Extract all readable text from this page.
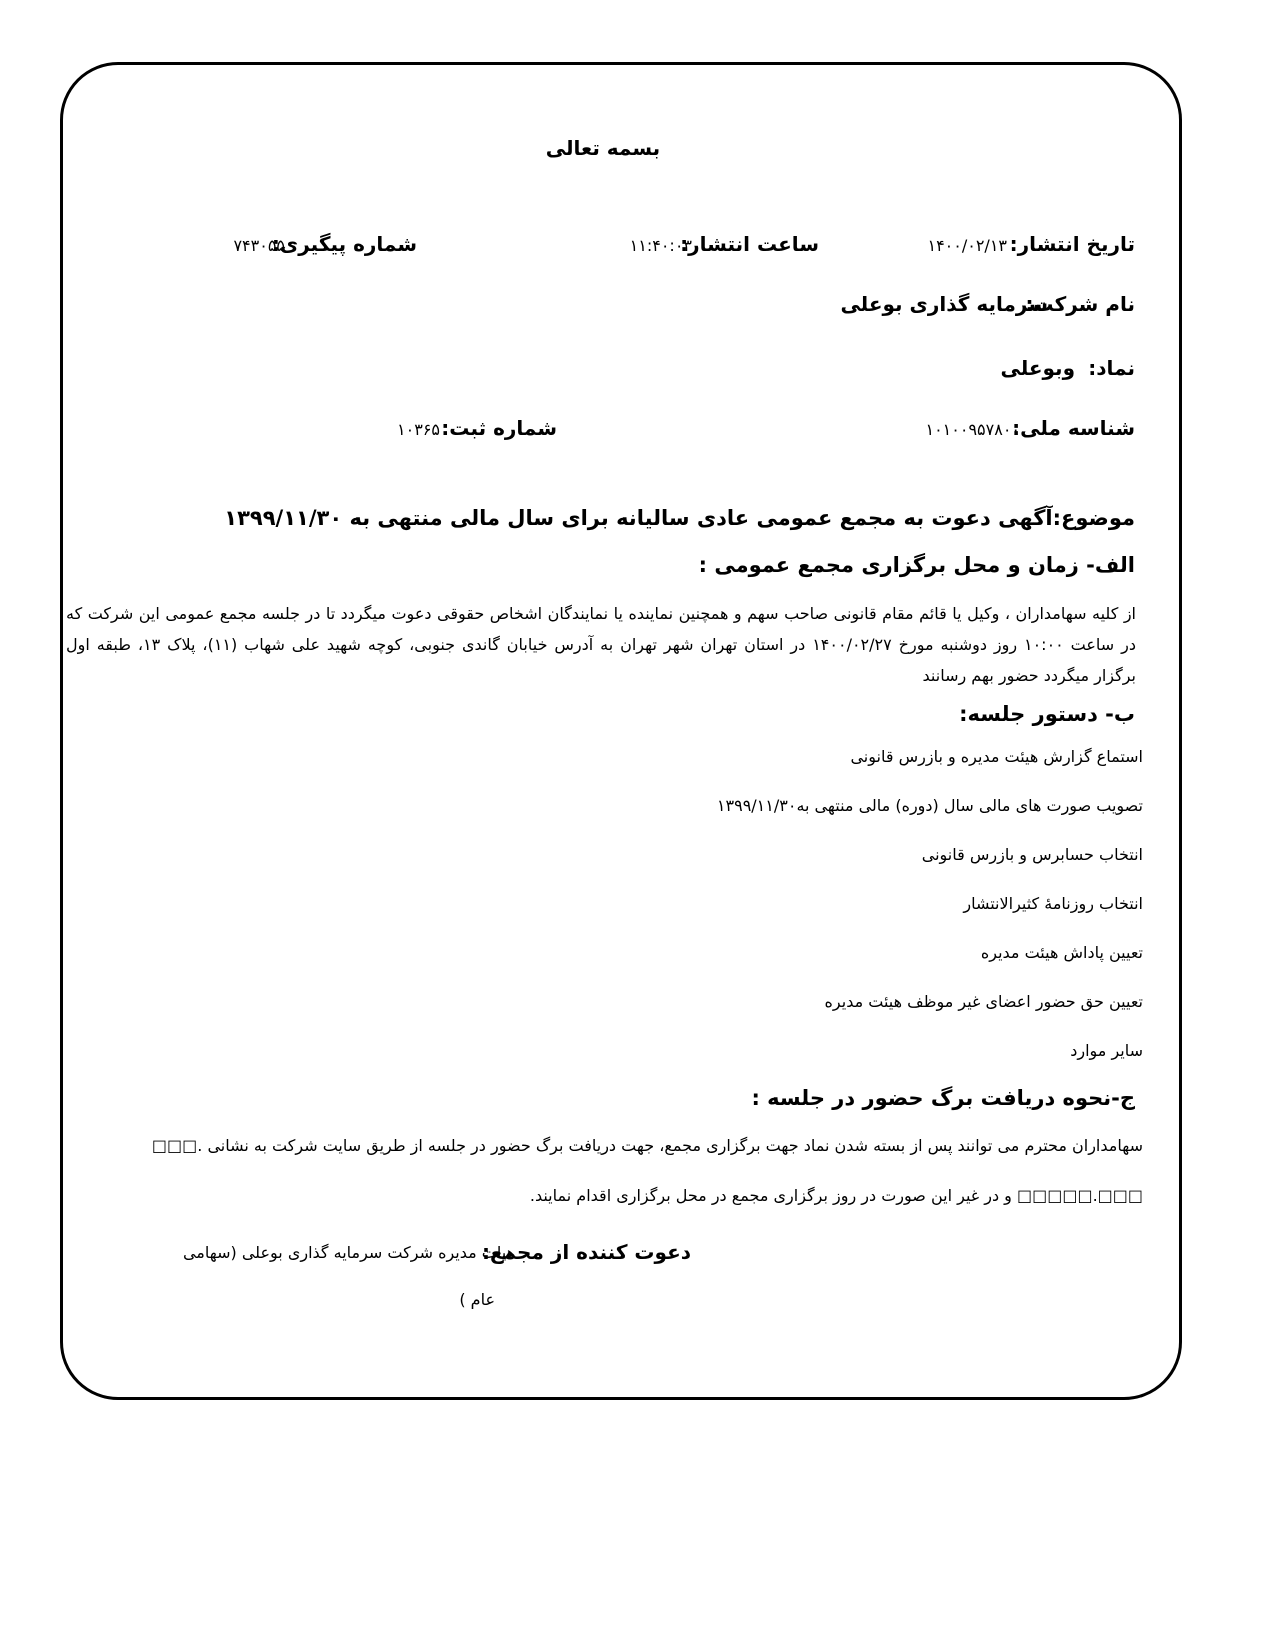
بسمه تعالی
تاریخ انتشار:
۱۴۰۰/۰۲/۱۳
ساعت انتشار:
۱۱:۴۰:۰۳
شماره پیگیری:
۷۴۳۰۵۵
نام شرکت:
سرمایه گذاری بوعلی
نماد:
وبوعلی
شناسه ملی:
۱۰۱۰۰۹۵۷۸۰۰
شماره ثبت:
۱۰۳۶۵
موضوع:آگهی دعوت به مجمع عمومی عادی سالیانه برای سال مالی منتهی به ۱۳۹۹/۱۱/۳۰
الف- زمان و محل برگزاری مجمع عمومی :
از کلیه سهامداران ، وکیل یا قائم مقام قانونی صاحب سهم و همچنین نماینده یا نمایندگان اشخاص حقوقی دعوت میگردد تا در جلسه مجمع عمومی این شرکت که در ساعت ۱۰:۰۰ روز دوشنبه مورخ ۱۴۰۰/۰۲/۲۷ در استان تهران شهر تهران به آدرس خیابان گاندی جنوبی، کوچه شهید علی شهاب (۱۱)، پلاک ۱۳، طبقه اول برگزار میگردد حضور بهم رسانند
ب- دستور جلسه:
استماع گزارش هیئت مدیره و بازرس قانونی
تصویب صورت های مالی سال (دوره) مالی منتهی به۱۳۹۹/۱۱/۳۰
انتخاب حسابرس و بازرس قانونی
انتخاب روزنامۀ کثیرالانتشار
تعیین پاداش هیئت مدیره
تعیین حق حضور اعضای غیر موظف هیئت مدیره
سایر موارد
ج-نحوه دریافت برگ حضور در جلسه :
سهامداران محترم می توانند پس از بسته شدن نماد جهت برگزاری مجمع، جهت دریافت برگ حضور در جلسه از طریق سایت شرکت به نشانی .□□□
□□□.□□□□□ و در غیر این صورت در روز برگزاری مجمع در محل برگزاری اقدام نمایند.
دعوت کننده از مجمع:
هیات مدیره شرکت سرمایه گذاری بوعلی (سهامی
عام )
